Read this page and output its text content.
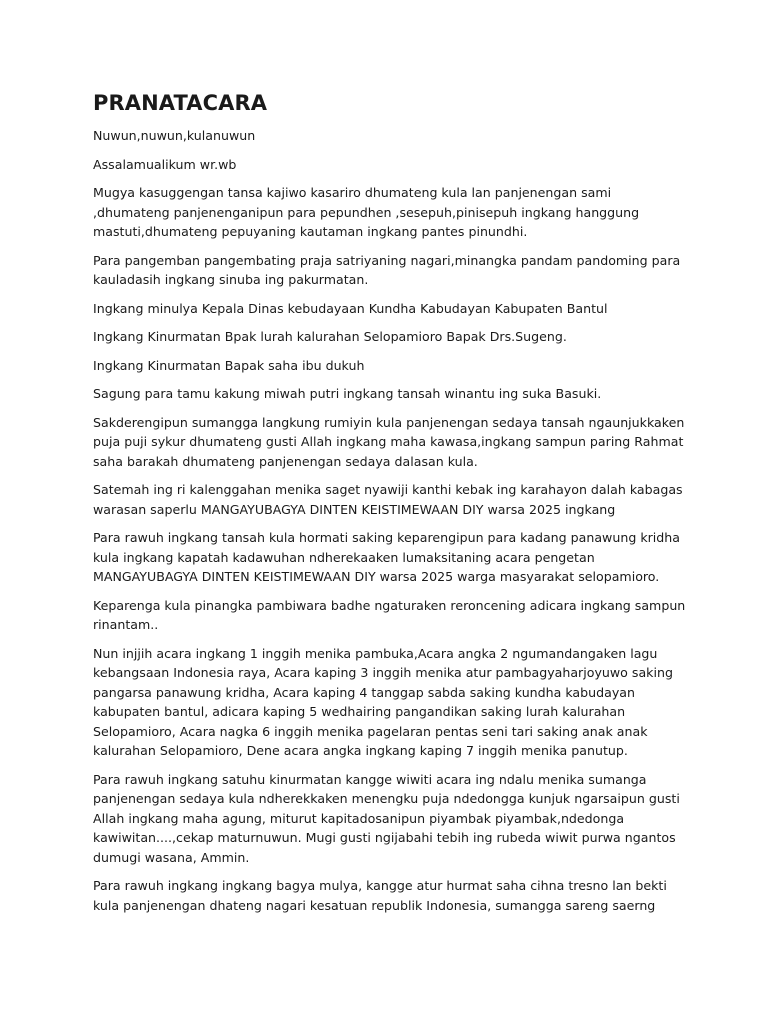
PRANATACARA

Nuwun,nuwun,kulanuwun

Assalamualikum wr.wb

Mugya kasuggengan tansa kajiwo kasariro dhumateng kula lan panjenengan sami
,dhumateng panjenenganipun para pepundhen ,sesepuh,pinisepuh ingkang hanggung
mastuti,dhumateng pepuyaning kautaman ingkang pantes pinundhi.

Para pangemban pangembating praja satriyaning nagari,minangka pandam pandoming para
kauladasih ingkang sinuba ing pakurmatan.

Ingkang minulya Kepala Dinas kebudayaan Kundha Kabudayan Kabupaten Bantul

Ingkang Kinurmatan Bpak lurah kalurahan Selopamioro Bapak Drs.Sugeng.

Ingkang Kinurmatan Bapak saha ibu dukuh

Sagung para tamu kakung miwah putri ingkang tansah winantu ing suka Basuki.

Sakderengipun sumangga langkung rumiyin kula panjenengan sedaya tansah ngaunjukkaken
puja puji sykur dhumateng gusti Allah ingkang maha kawasa,ingkang sampun paring Rahmat
saha barakah dhumateng panjenengan sedaya dalasan kula.

Satemah ing ri kalenggahan menika saget nyawiji kanthi kebak ing karahayon dalah kabagas
warasan saperlu MANGAYUBAGYA DINTEN KEISTIMEWAAN DIY warsa 2025 ingkang

Para rawuh ingkang tansah kula hormati saking keparengipun para kadang panawung kridha
kula ingkang kapatah kadawuhan ndherekaaken lumaksitaning acara pengetan
MANGAYUBAGYA DINTEN KEISTIMEWAAN DIY warsa 2025 warga masyarakat selopamioro.

Keparenga kula pinangka pambiwara badhe ngaturaken reroncening adicara ingkang sampun
rinantam..

Nun injjih acara ingkang 1 inggih menika pambuka,Acara angka 2 ngumandangaken lagu
kebangsaan Indonesia raya, Acara kaping 3 inggih menika atur pambagyaharjoyuwo saking
pangarsa panawung kridha, Acara kaping 4 tanggap sabda saking kundha kabudayan
kabupaten bantul, adicara kaping 5 wedhairing pangandikan saking lurah kalurahan
Selopamioro, Acara nagka 6 inggih menika pagelaran pentas seni tari saking anak anak
kalurahan Selopamioro, Dene acara angka ingkang kaping 7 inggih menika panutup.

Para rawuh ingkang satuhu kinurmatan kangge wiwiti acara ing ndalu menika sumanga
panjenengan sedaya kula ndherekkaken menengku puja ndedongga kunjuk ngarsaipun gusti
Allah ingkang maha agung, miturut kapitadosanipun piyambak piyambak,ndedonga
kawiwitan....,cekap maturnuwun. Mugi gusti ngijabahi tebih ing rubeda wiwit purwa ngantos
dumugi wasana, Ammin.

Para rawuh ingkang ingkang bagya mulya, kangge atur hurmat saha cihna tresno lan bekti
kula panjenengan dhateng nagari kesatuan republik Indonesia, sumangga sareng saerng
